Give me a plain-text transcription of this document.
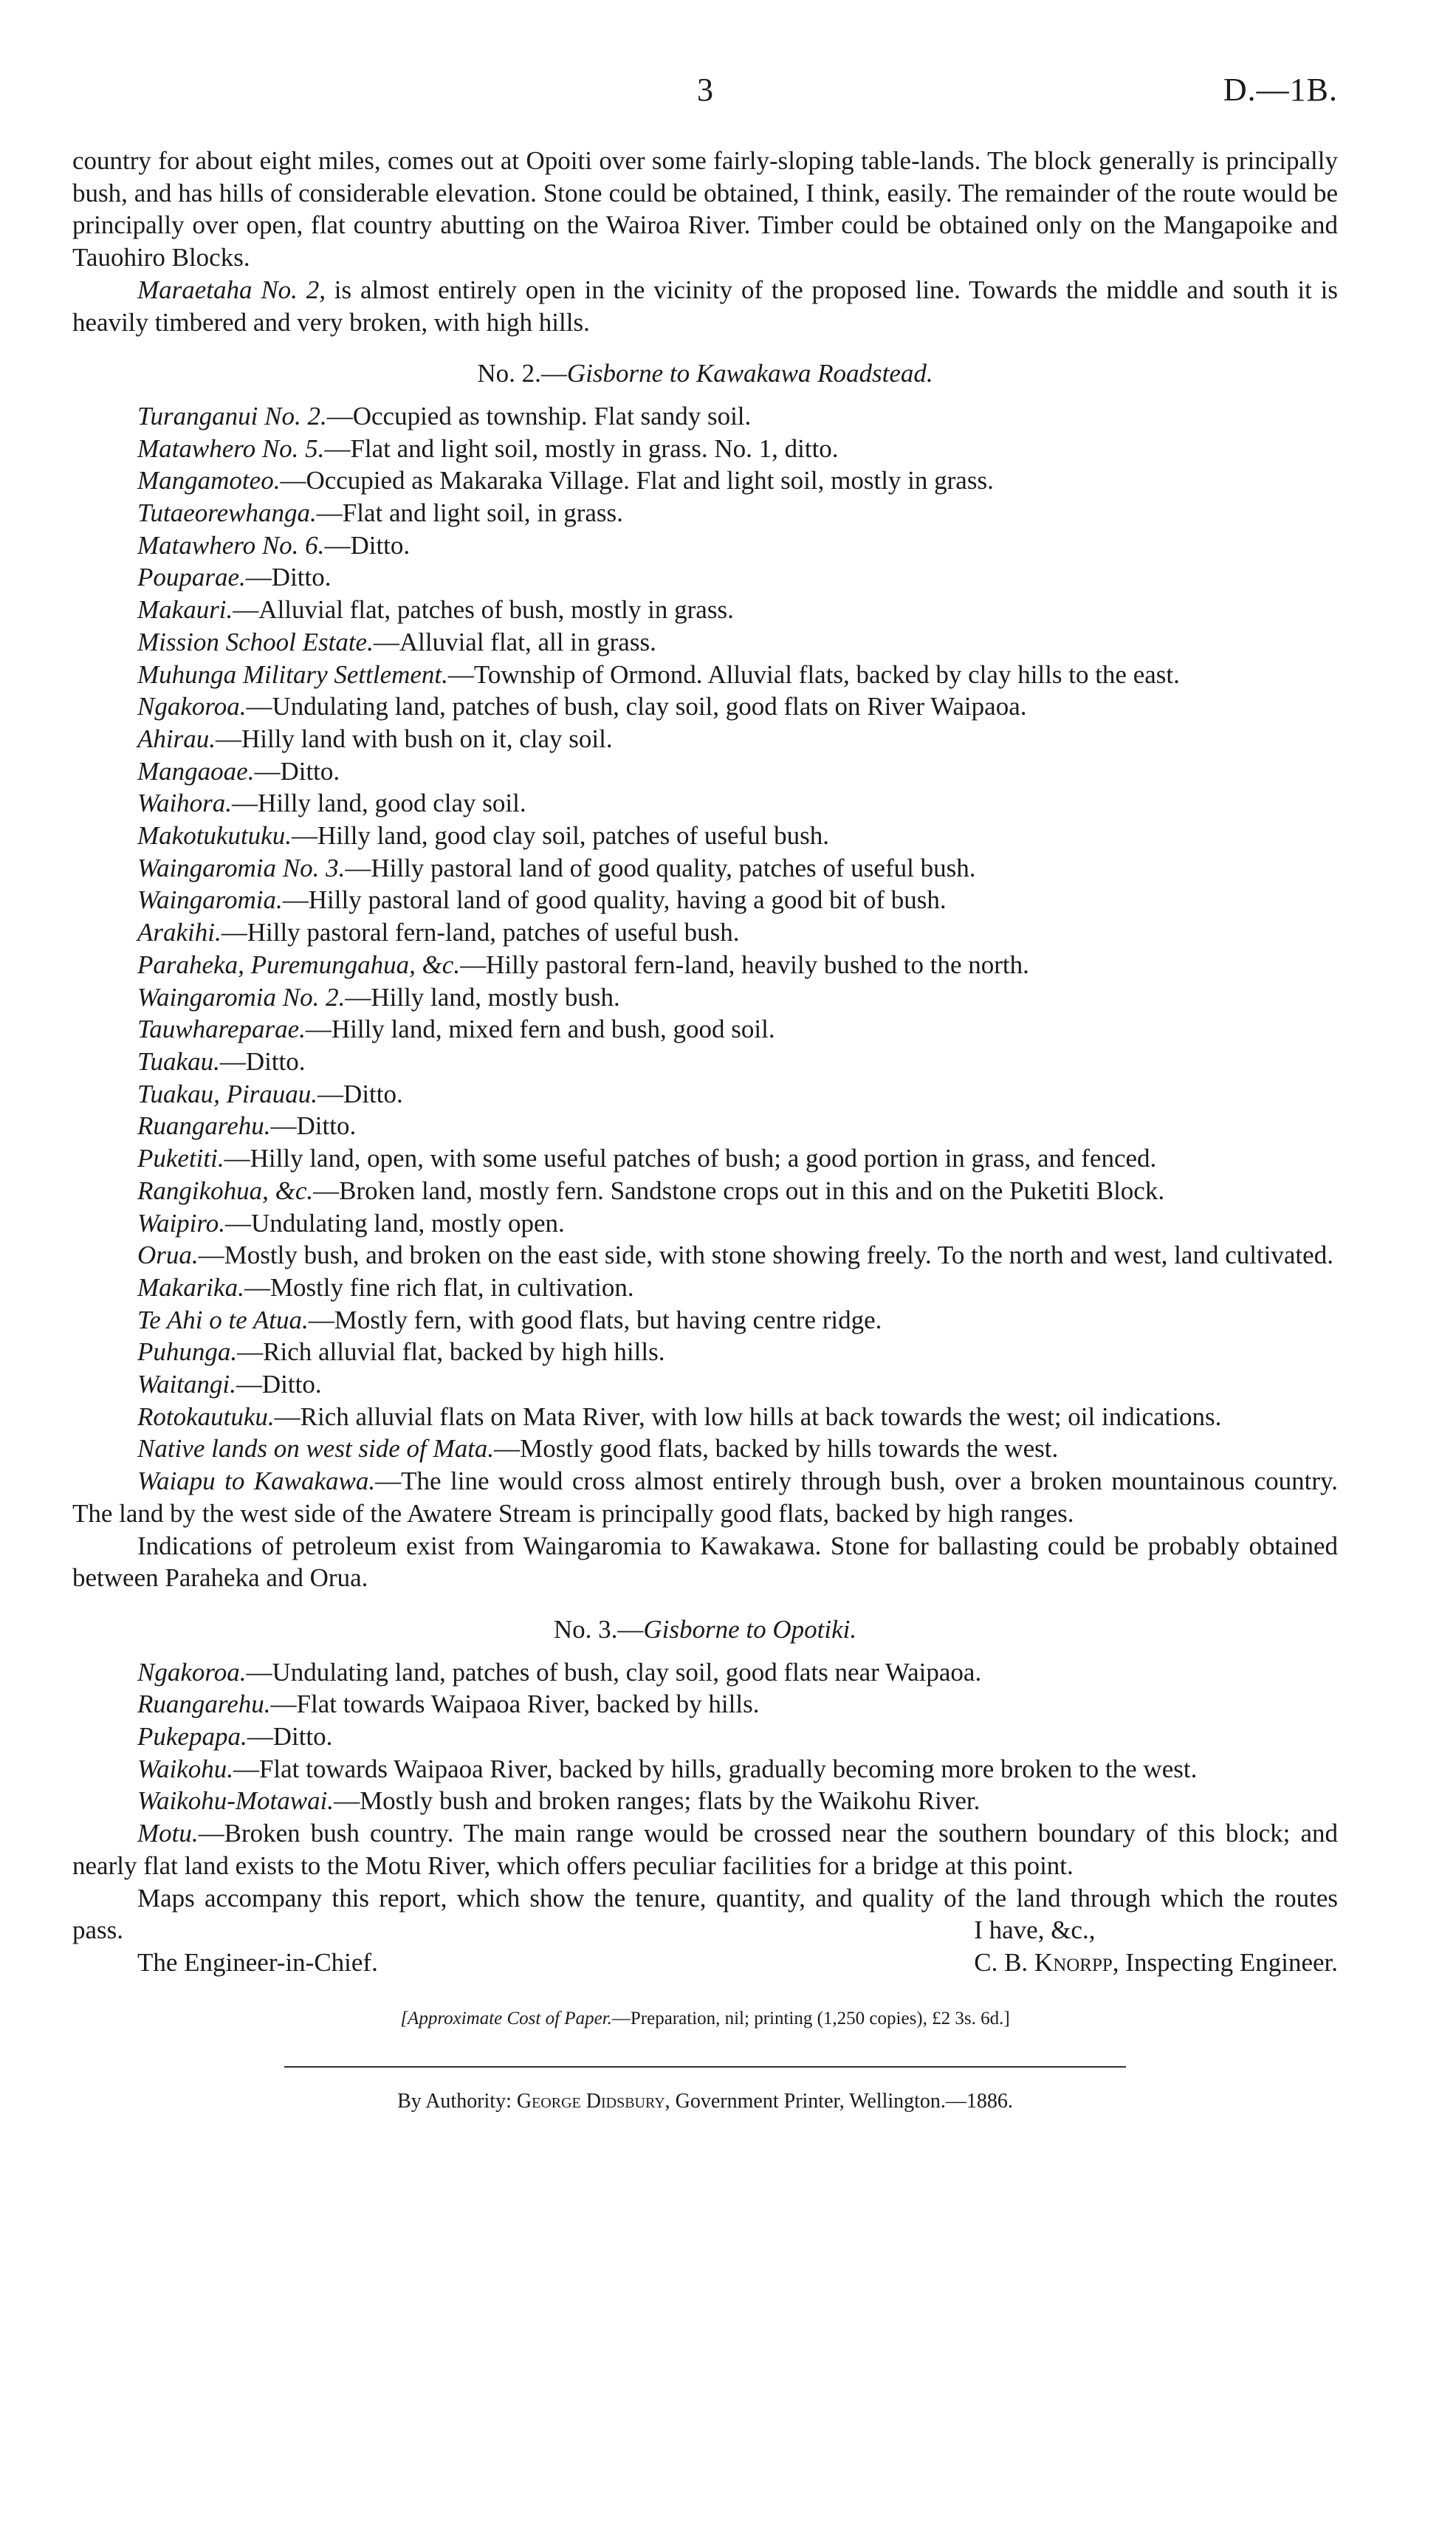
3	D.—1B.

country for about eight miles, comes out at Opoiti over some fairly-sloping table-lands. The block generally is principally bush, and has hills of considerable elevation. Stone could be obtained, I think, easily. The remainder of the route would be principally over open, flat country abutting on the Wairoa River. Timber could be obtained only on the Mangapoike and Tauohiro Blocks.

Maraetaha No. 2, is almost entirely open in the vicinity of the proposed line. Towards the middle and south it is heavily timbered and very broken, with high hills.

No. 2.—Gisborne to Kawakawa Roadstead.

Turanganui No. 2.—Occupied as township. Flat sandy soil.

Matawhero No. 5.—Flat and light soil, mostly in grass. No. 1, ditto.

Mangamoteo.—Occupied as Makaraka Village. Flat and light soil, mostly in grass.

Tutaeorewhanga.—Flat and light soil, in grass.

Matawhero No. 6.—Ditto.

Pouparae.—Ditto.

Makauri.—Alluvial flat, patches of bush, mostly in grass.

Mission School Estate.—Alluvial flat, all in grass.

Muhunga Military Settlement.—Township of Ormond. Alluvial flats, backed by clay hills to the east.

Ngakoroa.—Undulating land, patches of bush, clay soil, good flats on River Waipaoa.

Ahirau.—Hilly land with bush on it, clay soil.

Mangaoae.—Ditto.

Waihora.—Hilly land, good clay soil.

Makotukutuku.—Hilly land, good clay soil, patches of useful bush.

Waingaromia No. 3.—Hilly pastoral land of good quality, patches of useful bush.

Waingaromia.—Hilly pastoral land of good quality, having a good bit of bush.

Arakihi.—Hilly pastoral fern-land, patches of useful bush.

Paraheka, Puremungahua, &c.—Hilly pastoral fern-land, heavily bushed to the north.

Waingaromia No. 2.—Hilly land, mostly bush.

Tauwhareparae.—Hilly land, mixed fern and bush, good soil.

Tuakau.—Ditto.

Tuakau, Pirauau.—Ditto.

Ruangarehu.—Ditto.

Puketiti.—Hilly land, open, with some useful patches of bush; a good portion in grass, and fenced.

Rangikohua, &c.—Broken land, mostly fern. Sandstone crops out in this and on the Puketiti Block.

Waipiro.—Undulating land, mostly open.

Orua.—Mostly bush, and broken on the east side, with stone showing freely. To the north and west, land cultivated.

Makarika.—Mostly fine rich flat, in cultivation.

Te Ahi o te Atua.—Mostly fern, with good flats, but having centre ridge.

Puhunga.—Rich alluvial flat, backed by high hills.

Waitangi.—Ditto.

Rotokautuku.—Rich alluvial flats on Mata River, with low hills at back towards the west; oil indications.

Native lands on west side of Mata.—Mostly good flats, backed by hills towards the west.

Waiapu to Kawakawa.—The line would cross almost entirely through bush, over a broken mountainous country. The land by the west side of the Awatere Stream is principally good flats, backed by high ranges.

Indications of petroleum exist from Waingaromia to Kawakawa. Stone for ballasting could be probably obtained between Paraheka and Orua.

No. 3.—Gisborne to Opotiki.

Ngakoroa.—Undulating land, patches of bush, clay soil, good flats near Waipaoa.

Ruangarehu.—Flat towards Waipaoa River, backed by hills.

Pukepapa.—Ditto.

Waikohu.—Flat towards Waipaoa River, backed by hills, gradually becoming more broken to the west.

Waikohu-Motawai.—Mostly bush and broken ranges; flats by the Waikohu River.

Motu.—Broken bush country. The main range would be crossed near the southern boundary of this block; and nearly flat land exists to the Motu River, which offers peculiar facilities for a bridge at this point.

Maps accompany this report, which show the tenure, quantity, and quality of the land through which the routes pass.

The Engineer-in-Chief.
I have, &c.,
C. B. Knorpp, Inspecting Engineer.
[Approximate Cost of Paper.—Preparation, nil; printing (1,250 copies), £2 3s. 6d.]
By Authority: George Didsbury, Government Printer, Wellington.—1886.
